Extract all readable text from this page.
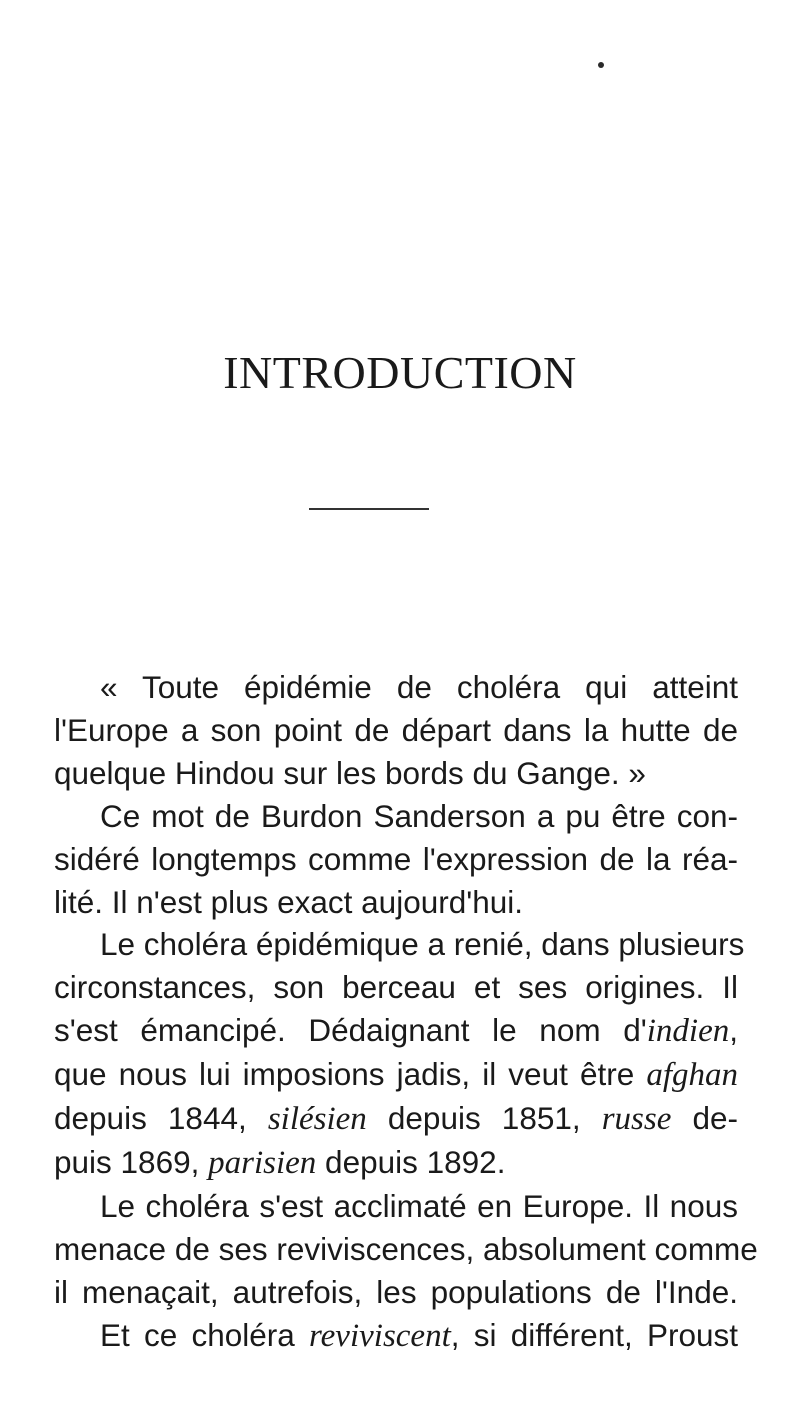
INTRODUCTION
« Toute épidémie de choléra qui atteint
l'Europe a son point de départ dans la hutte de
quelque Hindou sur les bords du Gange. »
Ce mot de Burdon Sanderson a pu être con-
sidéré longtemps comme l'expression de la réa-
lité. Il n'est plus exact aujourd'hui.
Le choléra épidémique a renié, dans plusieurs
circonstances, son berceau et ses origines. Il
s'est émancipé. Dédaignant le nom d'indien,
que nous lui imposions jadis, il veut être afghan
depuis 1844, silésien depuis 1851, russe de-
puis 1869, parisien depuis 1892.
Le choléra s'est acclimaté en Europe. Il nous
menace de ses reviviscences, absolument comme
il menaçait, autrefois, les populations de l'Inde.
Et ce choléra reviviscent, si différent, Proust
